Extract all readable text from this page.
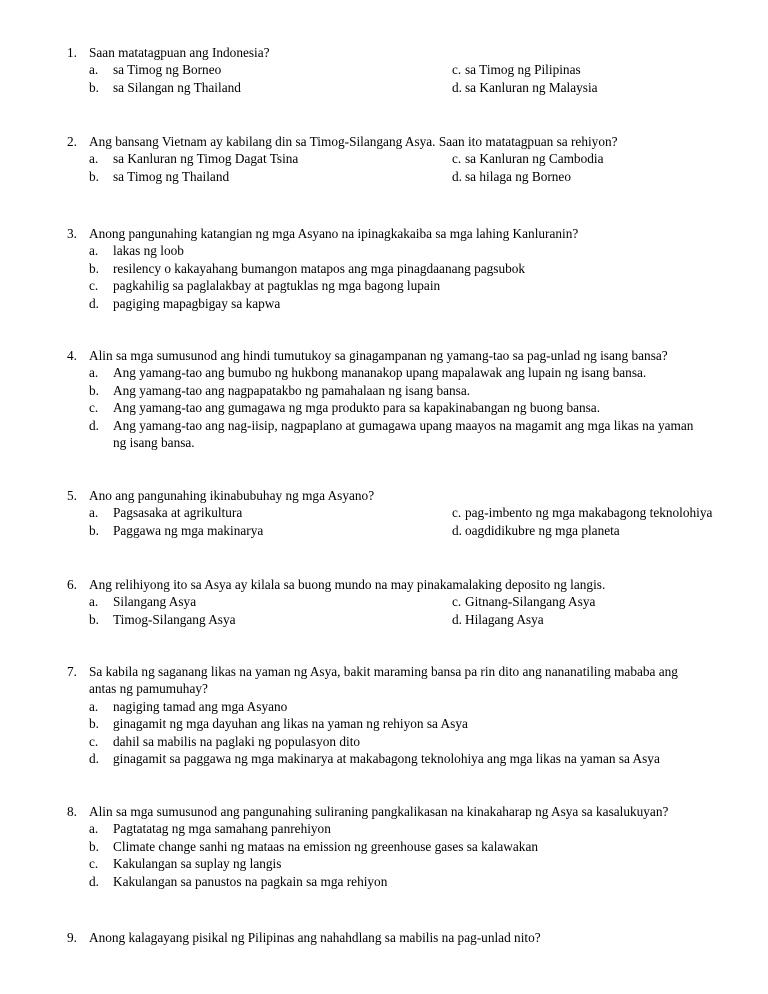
1. Saan matatagpuan ang Indonesia?
a. sa Timog ng Borneo
b. sa Silangan ng Thailand
c. sa Timog ng Pilipinas
d. sa Kanluran ng Malaysia
2. Ang bansang Vietnam ay kabilang din sa Timog-Silangang Asya. Saan ito matatagpuan sa rehiyon?
a. sa Kanluran ng Timog Dagat Tsina
b. sa Timog ng Thailand
c. sa Kanluran ng Cambodia
d. sa hilaga ng Borneo
3. Anong pangunahing katangian ng mga Asyano na ipinagkakaiba sa mga lahing Kanluranin?
a. lakas ng loob
b. resilency o kakayahang bumangon matapos ang mga pinagdaanang pagsubok
c. pagkahilig sa paglalakbay at pagtuklas ng mga bagong lupain
d. pagiging mapagbigay sa kapwa
4. Alin sa mga sumusunod ang hindi tumutukoy sa ginagampanan ng yamang-tao sa pag-unlad ng isang bansa?
a. Ang yamang-tao ang bumubo ng hukbong mananakop upang mapalawak ang lupain ng isang bansa.
b. Ang yamang-tao ang nagpapatakbo ng pamahalaan ng isang bansa.
c. Ang yamang-tao ang gumagawa ng mga produkto para sa kapakinabangan ng buong bansa.
d. Ang yamang-tao ang nag-iisip, nagpaplano at gumagawa upang maayos na magamit ang mga likas na yaman
ng isang bansa.
5. Ano ang pangunahing ikinabubuhay ng mga Asyano?
a. Pagsasaka at agrikultura
b. Paggawa ng mga makinarya
c. pag-imbento ng mga makabagong teknolohiya
d. oagdidikubre ng mga planeta
6. Ang relihiyong ito sa Asya ay kilala sa buong mundo na may pinakamalaking deposito ng langis.
a. Silangang Asya
b. Timog-Silangang Asya
c. Gitnang-Silangang Asya
d. Hilagang Asya
7. Sa kabila ng saganang likas na yaman ng Asya, bakit maraming bansa pa rin dito ang nananatiling mababa ang
antas ng pamumuhay?
a. nagiging tamad ang mga Asyano
b. ginagamit ng mga dayuhan ang likas na yaman ng rehiyon sa Asya
c. dahil sa mabilis na paglaki ng populasyon dito
d. ginagamit sa paggawa ng mga makinarya at makabagong teknolohiya ang mga likas na yaman sa Asya
8. Alin sa mga sumusunod ang pangunahing suliraning pangkalikasan na kinakaharap ng Asya sa kasalukuyan?
a. Pagtatatag ng mga samahang panrehiyon
b. Climate change sanhi ng mataas na emission ng greenhouse gases sa kalawakan
c. Kakulangan sa suplay ng langis
d. Kakulangan sa panustos na pagkain sa mga rehiyon
9. Anong kalagayang pisikal ng Pilipinas ang nahahdlang sa mabilis na pag-unlad nito?
